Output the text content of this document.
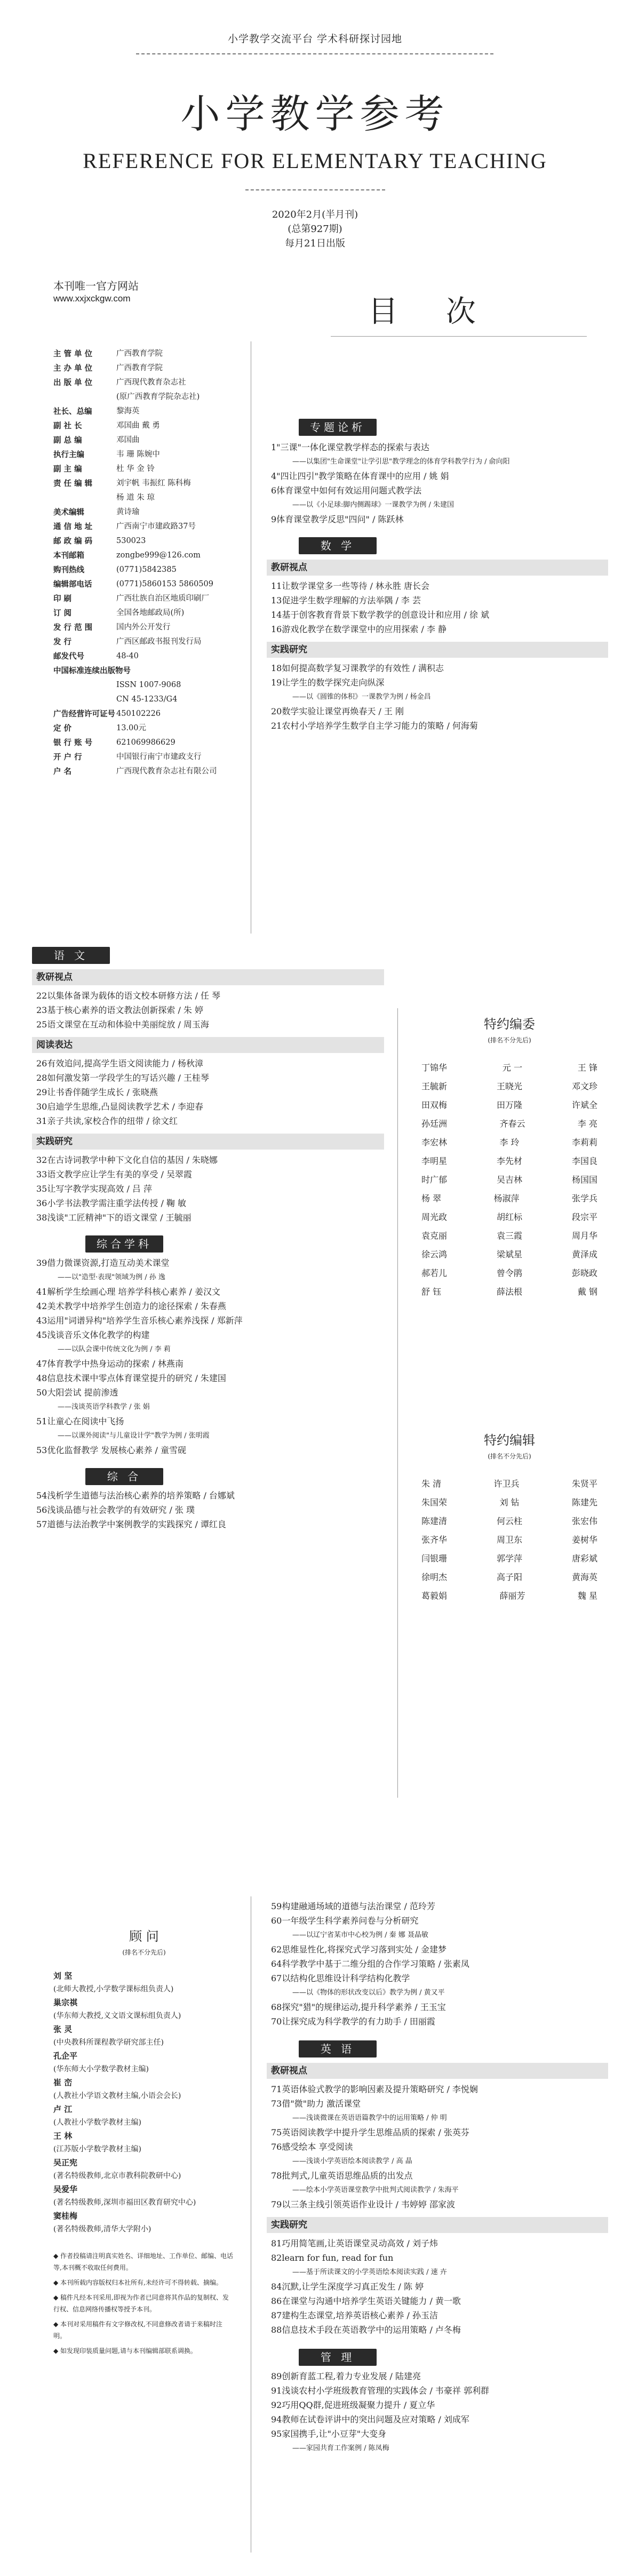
小学教学交流平台 学术科研探讨园地
小学教学参考
REFERENCE FOR ELEMENTARY TEACHING
2020年2月(半月刊)
(总第927期)
每月21日出版
本刊唯一官方网站
www.xxjxckgw.com	目 次
主 管 单 位	广西教育学院
主 办 单 位	广西教育学院
出 版 单 位	广西现代教育杂志社
(原广西教育学院杂志社)
社长、总编	黎海英
副 社 长	邓国曲 戴 勇
副 总 编	邓国曲
执行主编	韦 珊 陈婉中
副 主 编	杜 华 金 铃
责 任 编 辑	刘宇帆 韦振红 陈科梅
杨 道 朱 琼
美术编辑	黄诗瑜
通 信 地 址	广西南宁市建政路37号
邮 政 编 码	530023
本刊邮箱	zongbe999@126.com
购刊热线	(0771)5842385
编辑部电话	(0771)5860153 5860509
印 刷	广西壮族自治区地质印刷厂
订 阅	全国各地邮政局(所)
发 行 范 围	国内外公开发行
发 行	广西区邮政书报刊发行局
邮发代号	48-40
中国标准连续出版物号
ISSN 1007-9068
CN 45-1233/G4
广告经营许可证号 450102226
定 价	13.00元
银 行 账 号	621069986629
开 户 行	中国银行南宁市建政支行
户 名	广西现代教育杂志社有限公司
专题论析
1"三课"一体化课堂教学样态的探索与表达
——以集团"生命课堂"让学引思"教学理念的体育学科教学行为 / 俞向阳
4"四让四引"教学策略在体育课中的应用 / 姚 娟
6体育课堂中如何有效运用问题式教学法
——以《小足球:脚内侧踢球》一课教学为例 / 朱建国
9体育课堂教学反思"四问" / 陈跃林
数 学
教研视点
11让数学课堂多一些等待 / 林永胜 唐长会
13促进学生数学理解的方法举隅 / 李 芸
14基于创客教育背景下数学教学的创意设计和应用 / 徐 斌
16游戏化教学在数学课堂中的应用探索 / 李 静
实践研究
18如何提高数学复习课教学的有效性 / 满积志
19让学生的数学探究走向纵深
——以《圆锥的体积》一课教学为例 / 杨金昌
20数学实验让课堂再焕春天 / 王 刚
21农村小学培养学生数学自主学习能力的策略 / 何海菊
语 文
教研视点
22以集体备课为载体的语文校本研修方法 / 任 琴
23基于核心素养的语文教法创新探索 / 朱 婷
25语文课堂在互动和体验中美丽绽放 / 周玉海
阅读表达
26有效追问,提高学生语文阅读能力 / 杨秋漳
28如何激发第一学段学生的写话兴趣 / 王桂琴
29让书香伴随学生成长 / 张晓燕
30启迪学生思维,凸显阅读教学艺术 / 李迎春
31亲子共读,家校合作的纽带 / 徐文红
实践研究
32在古诗词教学中种下文化自信的基因 / 朱晓娜
33语文教学应让学生有美的享受 / 吴翠霞
35让写字教学实现高效 / 吕 萍
36小学书法教学需注重学法传授 / 鞠 敏
38浅谈"工匠精神"下的语文课堂 / 王毓丽
综合学科
39借力微课资源,打造互动美术课堂
——以"造型·表现"领域为例 / 孙 逸
41解析学生绘画心理 培养学科核心素养 / 姜汉文
42美术教学中培养学生创造力的途径探索 / 朱春燕
43运用"词谱异构"培养学生音乐核心素养浅探 / 郑新萍
45浅谈音乐文体化教学的构建
——以队会课中传统文化为例 / 李 莉
47体育教学中热身运动的探索 / 林燕南
48信息技术课中零点体育课堂提升的研究 / 朱建国
50大阳尝试 提前渗透
——浅谈英语学科教学 / 张 娟
51让童心在阅读中飞扬
——以课外阅读"与儿童设计学"教学为例 / 张明霞
53优化监督教学 发展核心素养 / 童雪砚
综 合
54浅析学生道德与法治核心素养的培养策略 / 台娜斌
56浅谈品德与社会教学的有效研究 / 张 璞
57道德与法治教学中案例教学的实践探究 / 谭红良
特约编委
(排名不分先后)
丁锦华	元 一	王 锋
王毓新	王晓光	邓文珍
田双梅	田万隆	许斌全
孙廷洲	齐春云	李 亮
李宏林	李 玲	李莉莉
李明星	李先材	李国良
时广郁	吴吉林	杨国国
杨 翠	杨淑萍	张学兵
周光政	胡红标	段宗平
袁克丽	袁三霞	周月华
徐云鸿	梁斌星	黄泽成
郝若儿	曾令鹃	彭晓政
舒 钰	薛法根	戴 钢
特约编辑
(排名不分先后)
朱 清	许卫兵	朱贤平
朱国荣	刘 钻	陈建先
陈建清	何云柱	张宏伟
张齐华	周卫东	姜树华
闫银珊	郭学萍	唐彩斌
徐明杰	高子阳	黄海英
葛毅娟	薛丽芳	魏 星
顾 问
(排名不分先后)
刘 坚
(北师大教授,小学数学课标组负责人)
巢宗祺
(华东师大教授,义文语文课标组负责人)
张 灵
(中央教科所课程教学研究部主任)
孔企平
(华东师大小学数学教材主编)
崔 峦
(人教社小学语文教材主编,小语会会长)
卢 江
(人教社小学数学教材主编)
王 林
(江苏版小学数学教材主编)
吴正宪
(著名特级教师,北京市教科院教研中心)
吴爱华
(著名特级教师,深圳市福田区教育研究中心)
窦桂梅
(著名特级教师,清华大学附小)
◆ 作者投稿请注明真实姓名、详细地址、工作单位、邮编、电话等,本刊概不收取任何费用。
◆ 本刊所载内容版权归本社所有,未经许可不得转载、摘编。
◆ 稿件凡经本刊采用,即视为作者已同意将其作品的复制权、发行权、信息网络传播权等授予本刊。
◆ 本刊对采用稿件有文字修改权,不同意修改者请于来稿时注明。
◆ 如发现印装质量问题,请与本刊编辑部联系调换。
59构建融通场域的道德与法治课堂 / 范玲芳
60一年级学生科学素养问卷与分析研究
——以辽宁省某市中心校为例 / 秦 娜 聂晶敏
62思维显性化,将探究式学习落到实处 / 金建梦
64科学教学中基于二维分组的合作学习策略 / 张素凤
67以结构化思维设计科学结构化教学
——以《物体的形状改变以后》教学为例 / 黄又平
68探究"猎"的规律运动,提升科学素养 / 王玉宝
70让探究成为科学教学的有力助手 / 田丽霞
英 语
教研视点
71英语体验式教学的影响因素及提升策略研究 / 李悦娴
73借"微"助力 激活课堂
——浅谈微课在英语语篇教学中的运用策略 / 仲 明
75英语阅读教学中提升学生思维品质的探索 / 张英芬
76感受绘本 享受阅读
——浅谈小学英语绘本阅读教学 / 高 晶
78批判式,儿童英语思维品质的出发点
——绘本小学英语课堂教学中批判式阅读教学 / 朱海平
79以三条主线引领英语作业设计 / 韦婷婷 邵家波
实践研究
81巧用简笔画,让英语课堂灵动高效 / 刘子炜
82learn for fun, read for fun
——基于所读课文的小学英语绘本阅读实践 / 速 卉
84沉默,让学生深度学习真正发生 / 陈 婷
86在课堂与沟通中培养学生英语关键能力 / 黄一歌
87建构生态课堂,培养英语核心素养 / 孙玉洁
88信息技术手段在英语教学中的运用策略 / 卢冬梅
管 理
89创新育蓝工程,着力专业发展 / 陆建亮
91浅谈农村小学班级教育管理的实践体会 / 韦豪祥 郭利群
92巧用QQ群,促进班级凝聚力提升 / 夏立华
94教师在试卷评讲中的突出问题及应对策略 / 刘成军
95家国携手,让"小豆芽"大变身
——家园共育工作案例 / 陈凤梅
